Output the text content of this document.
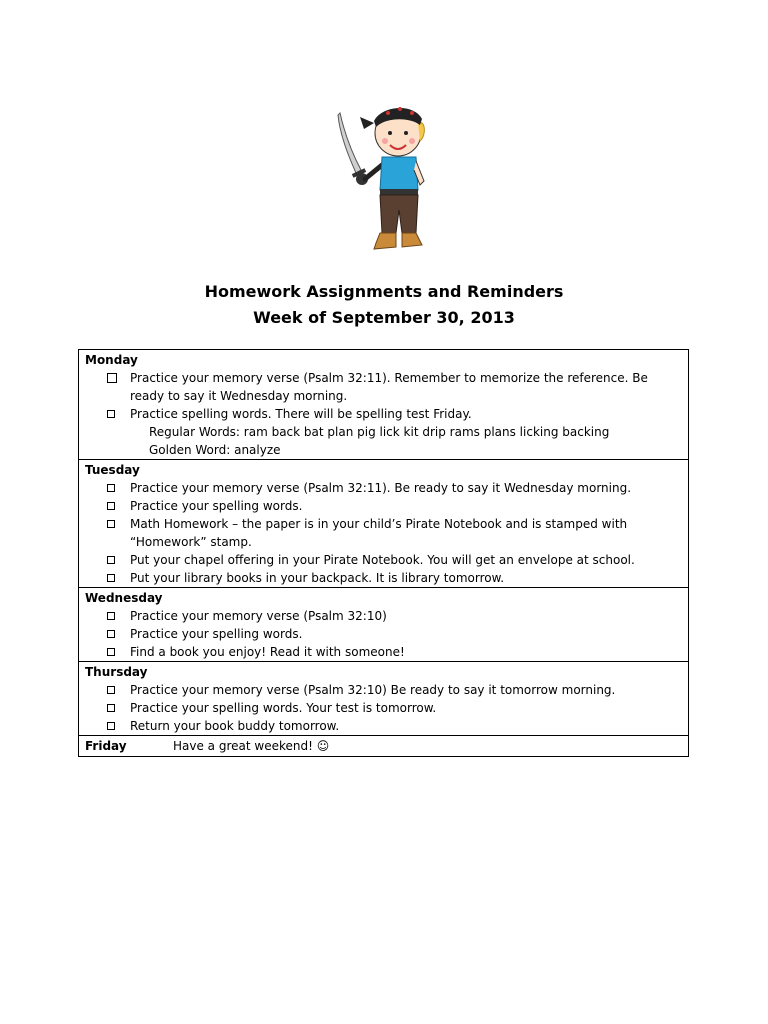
Homework Assignments and Reminders
Week of September 30, 2013
Monday
Practice your memory verse (Psalm 32:11). Remember to memorize the reference. Be ready to say it Wednesday morning.
Practice spelling words. There will be spelling test Friday.
Regular Words: ram back bat plan pig lick kit drip rams plans licking backing
Golden Word: analyze
Tuesday
Practice your memory verse (Psalm 32:11). Be ready to say it Wednesday morning.
Practice your spelling words.
Math Homework – the paper is in your child’s Pirate Notebook and is stamped with “Homework” stamp.
Put your chapel offering in your Pirate Notebook. You will get an envelope at school.
Put your library books in your backpack. It is library tomorrow.
Wednesday
Practice your memory verse (Psalm 32:10)
Practice your spelling words.
Find a book you enjoy! Read it with someone!
Thursday
Practice your memory verse (Psalm 32:10) Be ready to say it tomorrow morning.
Practice your spelling words. Your test is tomorrow.
Return your book buddy tomorrow.
Friday	Have a great weekend! ☺
